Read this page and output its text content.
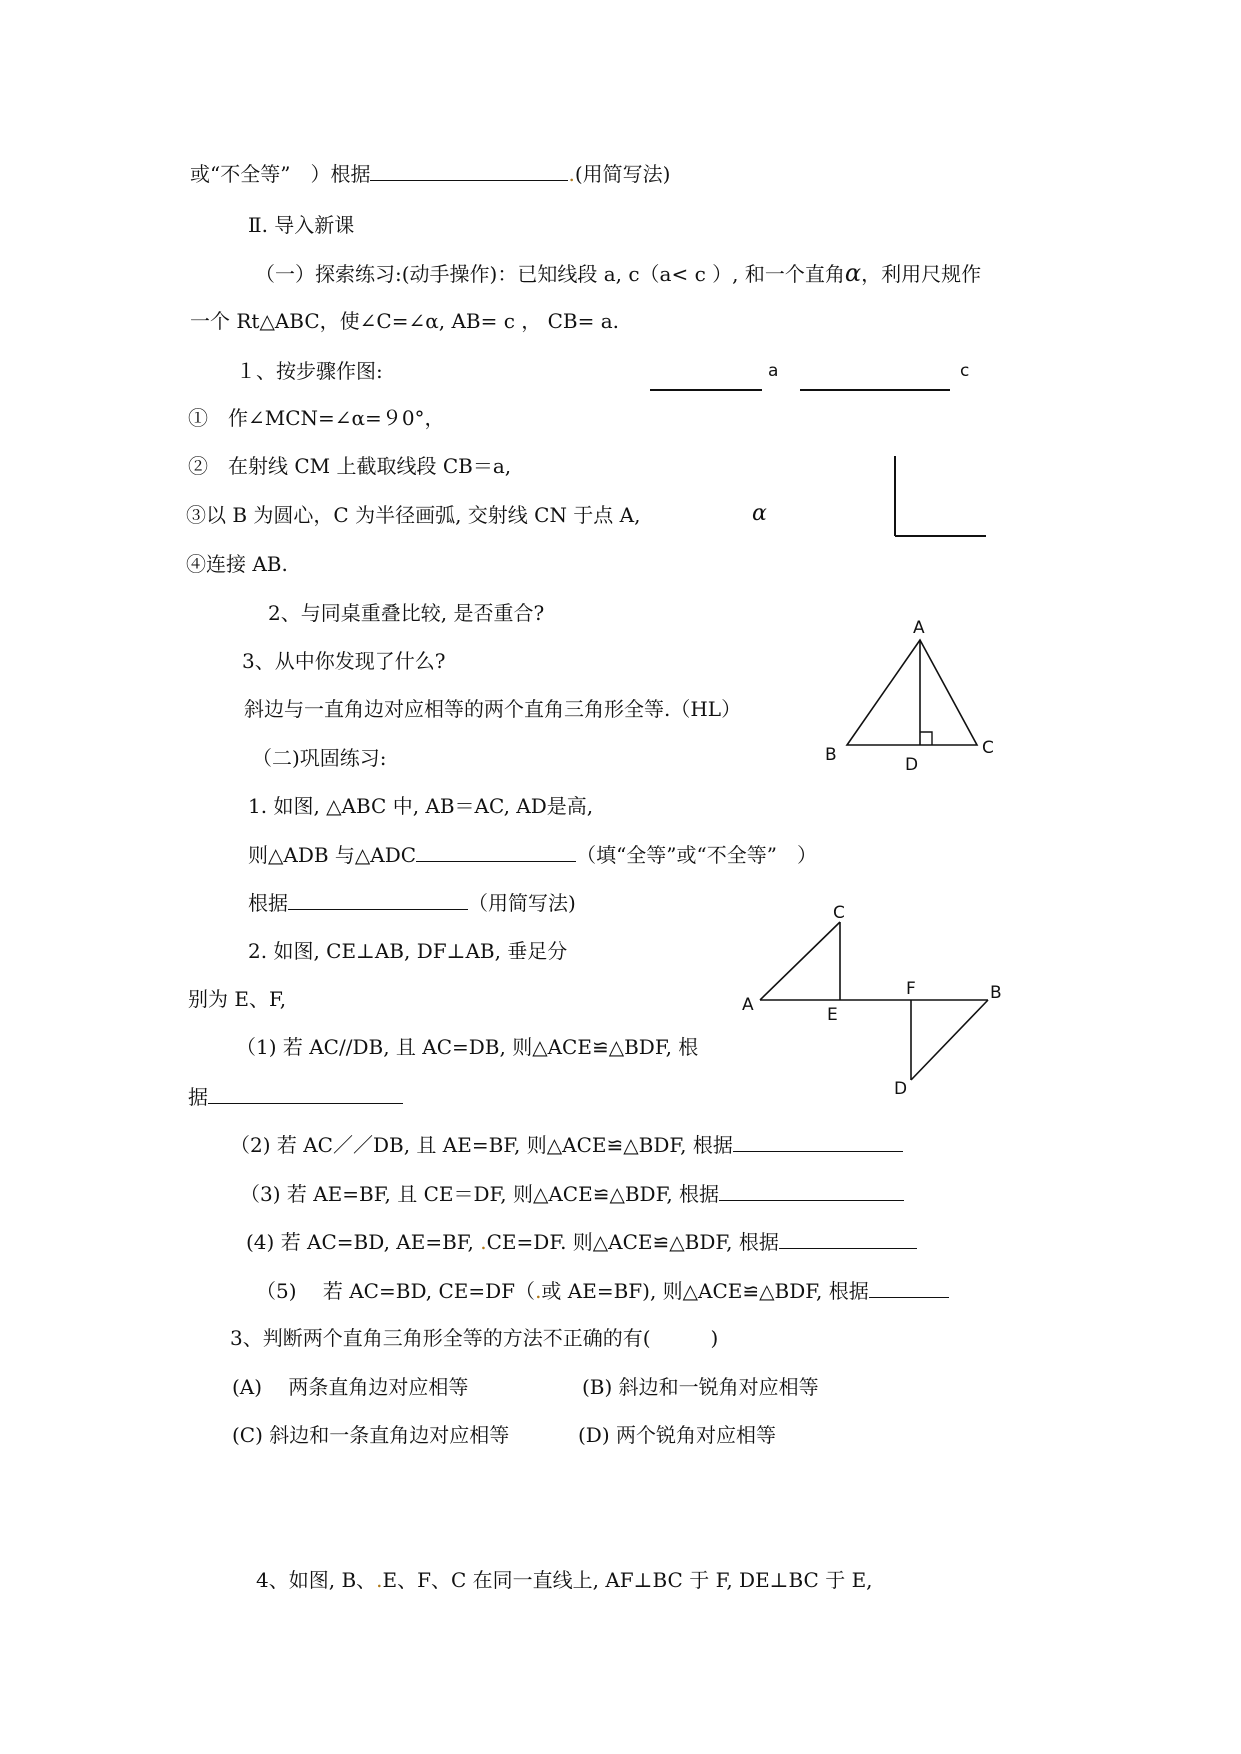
或“不全等”　）根据	.(用简写法)
Ⅱ. 导入新课
（一）探索练习:(动手操作)：已知线段 a, c（a< c ）, 和一个直角α，利用尺规作
一个 Rt△ABC，使∠C=∠α, AB= c ， CB= a.
１、按步骤作图:	a	c
α
A
B	C
D
A
B
C
D
E
F
①　作∠MCN=∠α=９0°，
②　在射线 CM 上截取线段 CB＝a,
③以 B 为圆心，C 为半径画弧, 交射线 CN 于点 A,
④连接 AB.
2、与同桌重叠比较, 是否重合?
3、从中你发现了什么?
斜边与一直角边对应相等的两个直角三角形全等.（HL）
（二)巩固练习:
1. 如图, △ABC 中, AB＝AC, AD是高,
则△ADB 与△ADC	（填“全等”或“不全等”　）
根据	（用简写法)
2. 如图, CE⊥AB, DF⊥AB, 垂足分
别为 E、F,
（1) 若 AC//DB, 且 AC=DB, 则△ACE≌△BDF, 根
据
（2) 若 AC／／DB, 且 AE=BF, 则△ACE≌△BDF, 根据
（3) 若 AE=BF, 且 CE＝DF, 则△ACE≌△BDF, 根据
(4) 若 AC=BD, AE=BF, .CE=DF. 则△ACE≌△BDF, 根据
（5)　 若 AC=BD, CE=DF（.或 AE=BF), 则△ACE≌△BDF, 根据
3、判断两个直角三角形全等的方法不正确的有(　　　)
(A)　 两条直角边对应相等	(B) 斜边和一锐角对应相等
(C) 斜边和一条直角边对应相等	(D) 两个锐角对应相等
4、如图, B、.E、F、C 在同一直线上, AF⊥BC 于 F, DE⊥BC 于 E,
